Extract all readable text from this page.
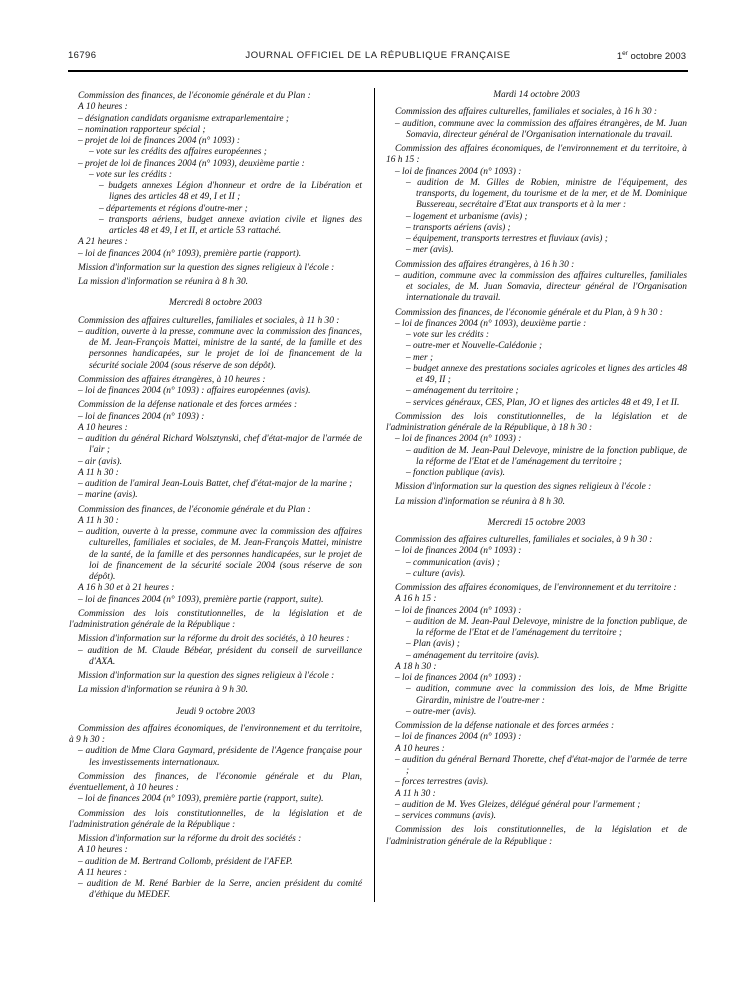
16796	JOURNAL OFFICIEL DE LA RÉPUBLIQUE FRANÇAISE	1er octobre 2003

Commission des finances, de l'économie générale et du Plan :

A 10 heures :

– désignation candidats organisme extraparlementaire ;

– nomination rapporteur spécial ;

– projet de loi de finances 2004 (n° 1093) :

– vote sur les crédits des affaires européennes ;

– projet de loi de finances 2004 (n° 1093), deuxième partie :

– vote sur les crédits :

– budgets annexes Légion d'honneur et ordre de la Libération et lignes des articles 48 et 49, I et II ;

– départements et régions d'outre-mer ;

– transports aériens, budget annexe aviation civile et lignes des articles 48 et 49, I et II, et article 53 rattaché.

A 21 heures :

– loi de finances 2004 (n° 1093), première partie (rapport).

Mission d'information sur la question des signes religieux à l'école :

La mission d'information se réunira à 8 h 30.

Mercredi 8 octobre 2003

Commission des affaires culturelles, familiales et sociales, à 11 h 30 :

– audition, ouverte à la presse, commune avec la commission des finances, de M. Jean-François Mattei, ministre de la santé, de la famille et des personnes handicapées, sur le projet de loi de financement de la sécurité sociale 2004 (sous réserve de son dépôt).

Commission des affaires étrangères, à 10 heures :

– loi de finances 2004 (n° 1093) : affaires européennes (avis).

Commission de la défense nationale et des forces armées :

– loi de finances 2004 (n° 1093) :

A 10 heures :

– audition du général Richard Wolsztynski, chef d'état-major de l'armée de l'air ;

– air (avis).

A 11 h 30 :

– audition de l'amiral Jean-Louis Battet, chef d'état-major de la marine ;

– marine (avis).

Commission des finances, de l'économie générale et du Plan :

A 11 h 30 :

– audition, ouverte à la presse, commune avec la commission des affaires culturelles, familiales et sociales, de M. Jean-François Mattei, ministre de la santé, de la famille et des personnes handicapées, sur le projet de loi de financement de la sécurité sociale 2004 (sous réserve de son dépôt).

A 16 h 30 et à 21 heures :

– loi de finances 2004 (n° 1093), première partie (rapport, suite).

Commission des lois constitutionnelles, de la législation et de l'administration générale de la République :

Mission d'information sur la réforme du droit des sociétés, à 10 heures :

– audition de M. Claude Bébéar, président du conseil de surveillance d'AXA.

Mission d'information sur la question des signes religieux à l'école :

La mission d'information se réunira à 9 h 30.

Jeudi 9 octobre 2003

Commission des affaires économiques, de l'environnement et du territoire, à 9 h 30 :

– audition de Mme Clara Gaymard, présidente de l'Agence française pour les investissements internationaux.

Commission des finances, de l'économie générale et du Plan, éventuellement, à 10 heures :

– loi de finances 2004 (n° 1093), première partie (rapport, suite).

Commission des lois constitutionnelles, de la législation et de l'administration générale de la République :

Mission d'information sur la réforme du droit des sociétés :

A 10 heures :

– audition de M. Bertrand Collomb, président de l'AFEP.

A 11 heures :

– audition de M. René Barbier de la Serre, ancien président du comité d'éthique du MEDEF.

Mardi 14 octobre 2003

Commission des affaires culturelles, familiales et sociales, à 16 h 30 :

– audition, commune avec la commission des affaires étrangères, de M. Juan Somavia, directeur général de l'Organisation internationale du travail.

Commission des affaires économiques, de l'environnement et du territoire, à 16 h 15 :

– loi de finances 2004 (n° 1093) :

– audition de M. Gilles de Robien, ministre de l'équipement, des transports, du logement, du tourisme et de la mer, et de M. Dominique Bussereau, secrétaire d'Etat aux transports et à la mer :

– logement et urbanisme (avis) ;

– transports aériens (avis) ;

– équipement, transports terrestres et fluviaux (avis) ;

– mer (avis).

Commission des affaires étrangères, à 16 h 30 :

– audition, commune avec la commission des affaires culturelles, familiales et sociales, de M. Juan Somavia, directeur général de l'Organisation internationale du travail.

Commission des finances, de l'économie générale et du Plan, à 9 h 30 :

– loi de finances 2004 (n° 1093), deuxième partie :

– vote sur les crédits :

– outre-mer et Nouvelle-Calédonie ;

– mer ;

– budget annexe des prestations sociales agricoles et lignes des articles 48 et 49, II ;

– aménagement du territoire ;

– services généraux, CES, Plan, JO et lignes des articles 48 et 49, I et II.

Commission des lois constitutionnelles, de la législation et de l'administration générale de la République, à 18 h 30 :

– loi de finances 2004 (n° 1093) :

– audition de M. Jean-Paul Delevoye, ministre de la fonction publique, de la réforme de l'Etat et de l'aménagement du territoire ;

– fonction publique (avis).

Mission d'information sur la question des signes religieux à l'école :

La mission d'information se réunira à 8 h 30.

Mercredi 15 octobre 2003

Commission des affaires culturelles, familiales et sociales, à 9 h 30 :

– loi de finances 2004 (n° 1093) :

– communication (avis) ;

– culture (avis).

Commission des affaires économiques, de l'environnement et du territoire :

A 16 h 15 :

– loi de finances 2004 (n° 1093) :

– audition de M. Jean-Paul Delevoye, ministre de la fonction publique, de la réforme de l'Etat et de l'aménagement du territoire ;

– Plan (avis) ;

– aménagement du territoire (avis).

A 18 h 30 :

– loi de finances 2004 (n° 1093) :

– audition, commune avec la commission des lois, de Mme Brigitte Girardin, ministre de l'outre-mer :

– outre-mer (avis).

Commission de la défense nationale et des forces armées :

– loi de finances 2004 (n° 1093) :

A 10 heures :

– audition du général Bernard Thorette, chef d'état-major de l'armée de terre ;

– forces terrestres (avis).

A 11 h 30 :

– audition de M. Yves Gleizes, délégué général pour l'armement ;

– services communs (avis).

Commission des lois constitutionnelles, de la législation et de l'administration générale de la République :
